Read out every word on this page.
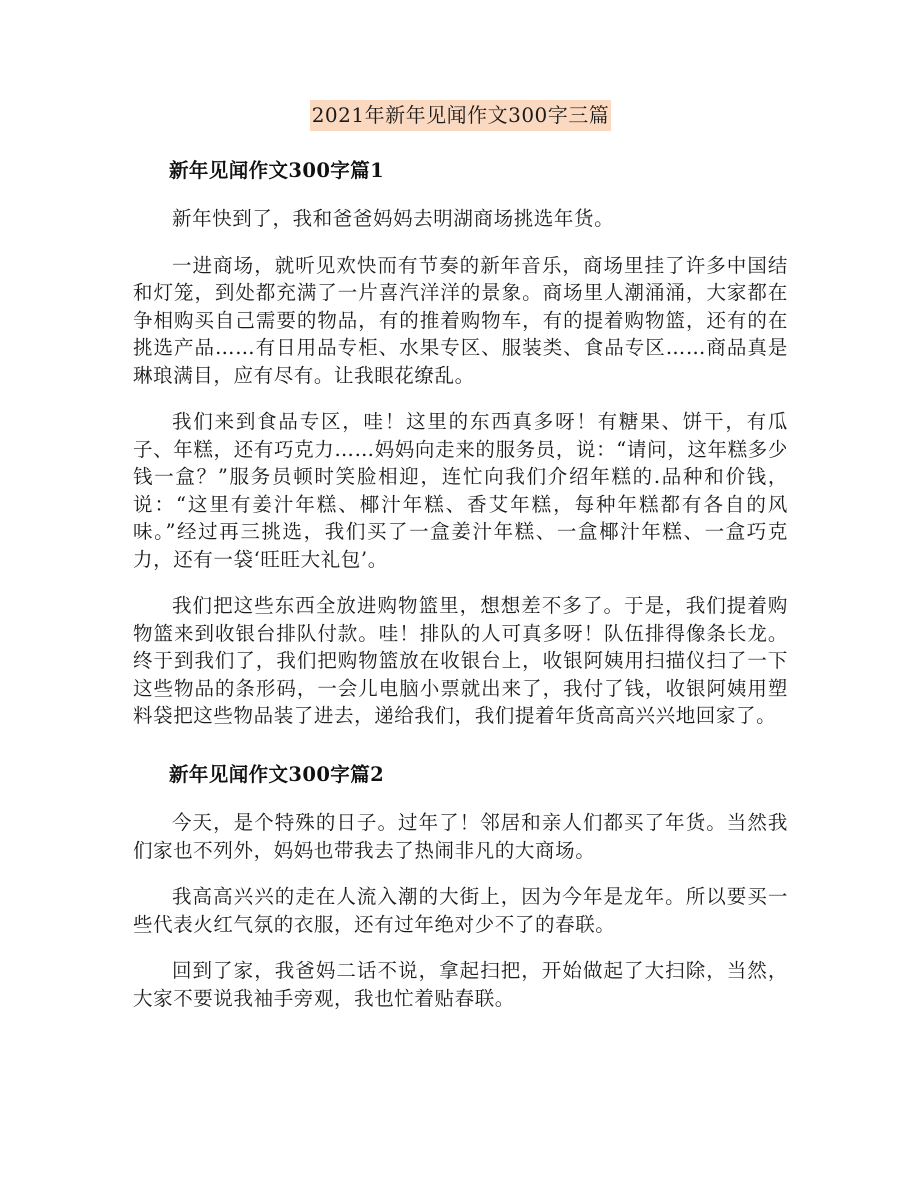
2021年新年见闻作文300字三篇
新年见闻作文300字篇1

新年快到了，我和爸爸妈妈去明湖商场挑选年货。

一进商场，就听见欢快而有节奏的新年音乐，商场里挂了许多中国结和灯笼，到处都充满了一片喜汽洋洋的景象。商场里人潮涌涌，大家都在争相购买自己需要的物品，有的推着购物车，有的提着购物篮，还有的在挑选产品……有日用品专柜、水果专区、服装类、食品专区……商品真是琳琅满目，应有尽有。让我眼花缭乱。

我们来到食品专区，哇！这里的东西真多呀！有糖果、饼干，有瓜子、年糕，还有巧克力……妈妈向走来的服务员，说：“请问，这年糕多少钱一盒？”服务员顿时笑脸相迎，连忙向我们介绍年糕的.品种和价钱，说：“这里有姜汁年糕、椰汁年糕、香艾年糕，每种年糕都有各自的风味。”经过再三挑选，我们买了一盒姜汁年糕、一盒椰汁年糕、一盒巧克力，还有一袋‘旺旺大礼包’。

我们把这些东西全放进购物篮里，想想差不多了。于是，我们提着购物篮来到收银台排队付款。哇！排队的人可真多呀！队伍排得像条长龙。终于到我们了，我们把购物篮放在收银台上，收银阿姨用扫描仪扫了一下这些物品的条形码，一会儿电脑小票就出来了，我付了钱，收银阿姨用塑料袋把这些物品装了进去，递给我们，我们提着年货高高兴兴地回家了。

新年见闻作文300字篇2

今天，是个特殊的日子。过年了！邻居和亲人们都买了年货。当然我们家也不列外，妈妈也带我去了热闹非凡的大商场。

我高高兴兴的走在人流入潮的大街上，因为今年是龙年。所以要买一些代表火红气氛的衣服，还有过年绝对少不了的春联。

回到了家，我爸妈二话不说，拿起扫把，开始做起了大扫除，当然，大家不要说我袖手旁观，我也忙着贴春联。
